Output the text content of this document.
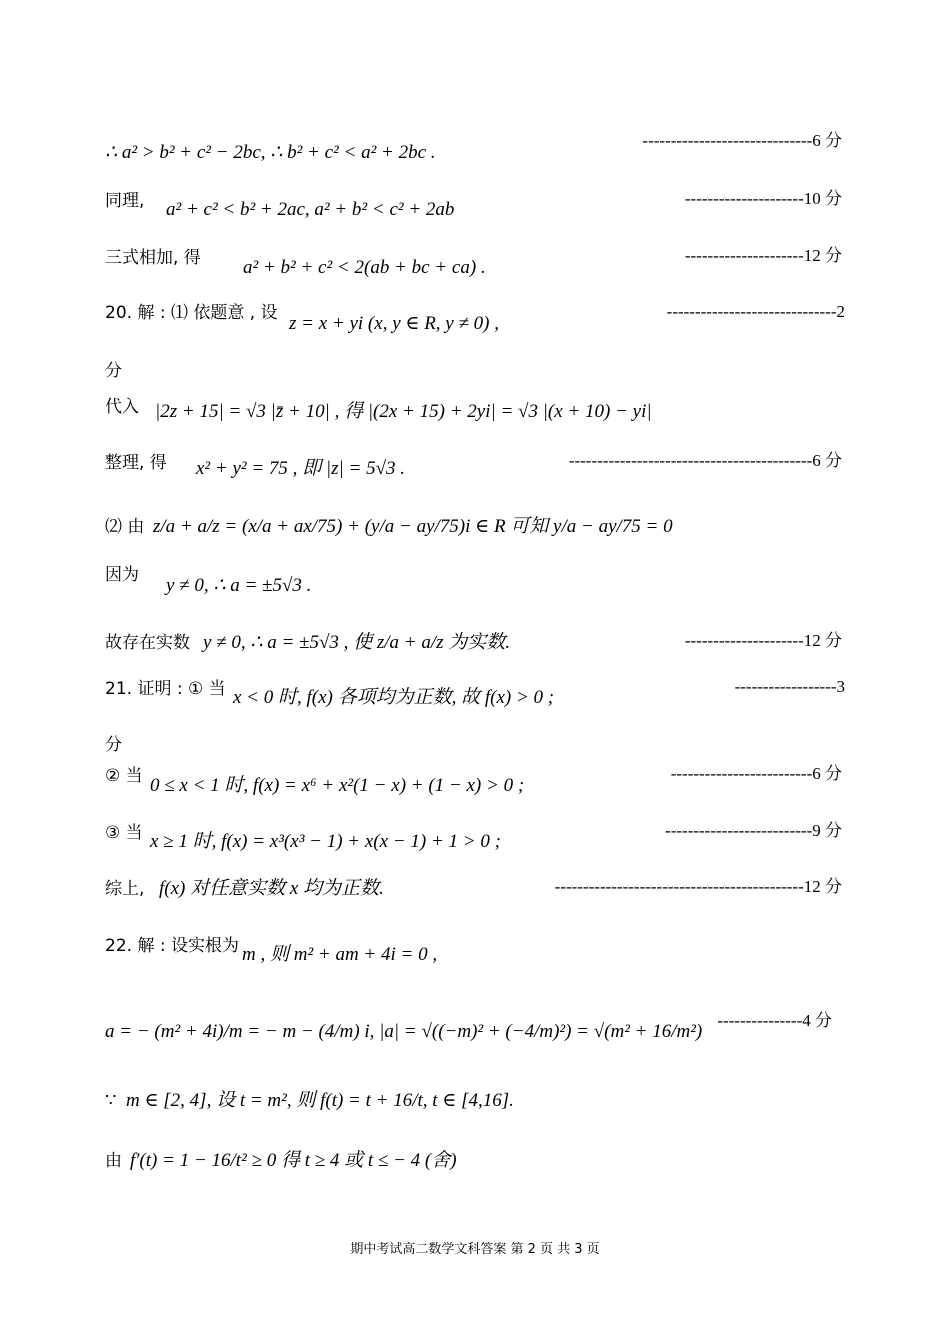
∴ a² > b² + c² − 2bc, ∴ b² + c² < a² + 2bc .
------------------------------6 分
同理, a² + c² < b² + 2ac, a² + b² < c² + 2ab
---------------------10 分
三式相加, 得 a² + b² + c² < 2(ab + bc + ca) .
---------------------12 分
20. 解 : ⑴ 依题意 , 设 z = x + yi (x, y ∈ R, y ≠ 0) ,
------------------------------2
分
代入 |2z + 15| = √3 |z̄ + 10| , 得 |(2x + 15) + 2yi| = √3 |(x + 10) − yi|
整理, 得 x² + y² = 75 , 即 |z| = 5√3 .	-------------------------------------------6 分
⑵ 由 z/a + a/z = (x/a + ax/75) + (y/a − ay/75)i ∈ R 可知 y/a − ay/75 = 0
因为 y ≠ 0, ∴ a = ±5√3 .
故存在实数 y ≠ 0, ∴ a = ±5√3 , 使 z/a + a/z 为实数.	---------------------12 分
21. 证明 : ① 当 x < 0 时, f(x) 各项均为正数, 故 f(x) > 0 ;
------------------3
分
② 当 0 ≤ x < 1 时, f(x) = x⁶ + x²(1 − x) + (1 − x) > 0 ;
-------------------------6 分
③ 当 x ≥ 1 时, f(x) = x³(x³ − 1) + x(x − 1) + 1 > 0 ;
--------------------------9 分
综上, f(x) 对任意实数 x 均为正数.	--------------------------------------------12 分
22. 解 : 设实根为 m , 则 m² + am + 4i = 0 ,
a = − (m² + 4i)/m = − m − (4/m) i, |a| = √((−m)² + (−4/m)²) = √(m² + 16/m²)
---------------4 分
∵ m ∈ [2, 4], 设 t = m², 则 f(t) = t + 16/t, t ∈ [4,16].
由 f′(t) = 1 − 16/t² ≥ 0 得 t ≥ 4 或 t ≤ − 4 (舍)
期中考试高二数学文科答案 第 2 页 共 3 页
